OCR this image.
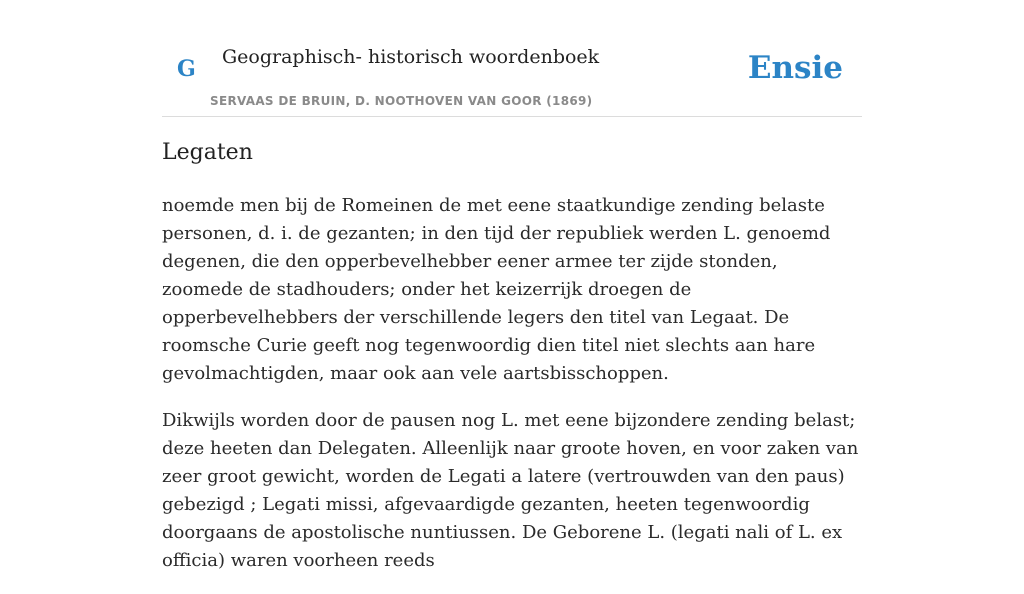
G Geographisch- historisch woordenboek
SERVAAS DE BRUIN, D. NOOTHOVEN VAN GOOR (1869)
Ensie
Legaten

noemde men bij de Romeinen de met eene staatkundige zending belaste personen, d. i. de gezanten; in den tijd der republiek werden L. genoemd degenen, die den opperbevelhebber eener armee ter zijde stonden, zoomede de stadhouders; onder het keizerrijk droegen de opperbevelhebbers der verschillende legers den titel van Legaat. De roomsche Curie geeft nog tegenwoordig dien titel niet slechts aan hare gevolmachtigden, maar ook aan vele aartsbisschoppen.

Dikwijls worden door de pausen nog L. met eene bijzondere zending belast; deze heeten dan Delegaten. Alleenlijk naar groote hoven, en voor zaken van zeer groot gewicht, worden de Legati a latere (vertrouwden van den paus) gebezigd ; Legati missi, afgevaardigde gezanten, heeten tegenwoordig doorgaans de apostolische nuntiussen. De Geborene L. (legati nali of L. ex officia) waren voorheen reeds
